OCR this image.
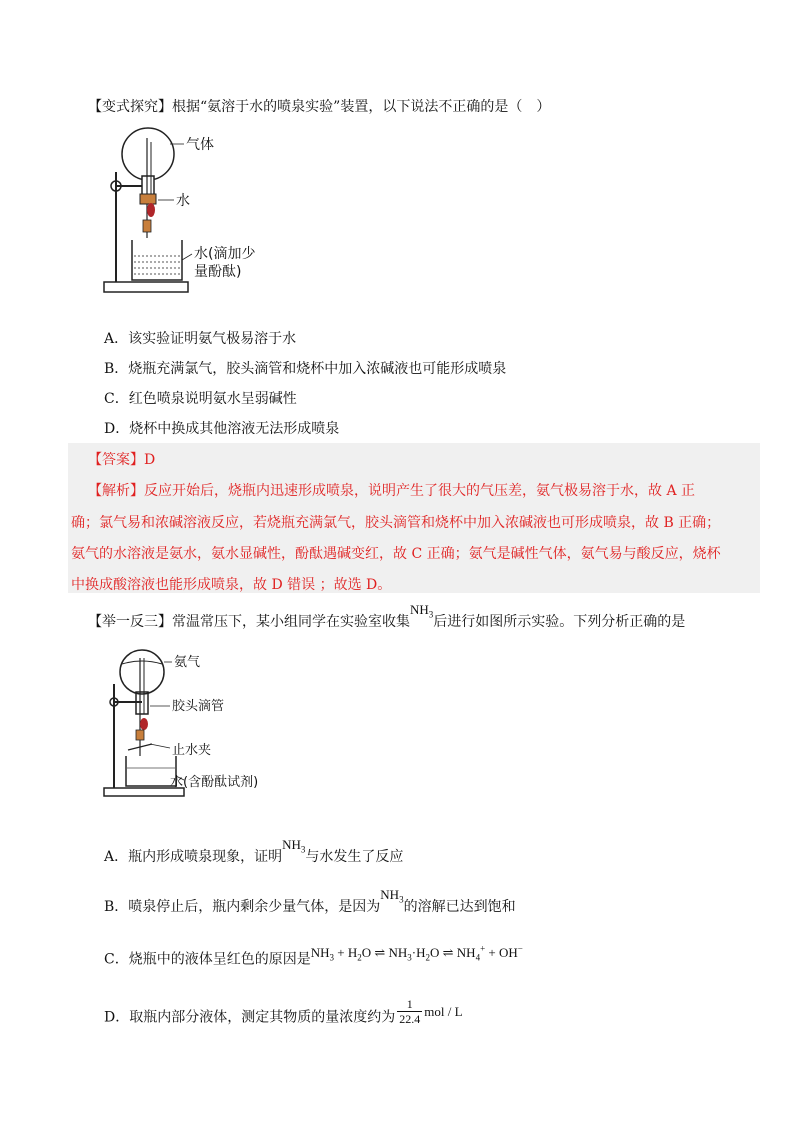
【变式探究】根据“氨溶于水的喷泉实验”装置，以下说法不正确的是（　）
气体
水
水(滴加少
量酚酞)
A．该实验证明氨气极易溶于水
B．烧瓶充满氯气，胶头滴管和烧杯中加入浓碱液也可能形成喷泉
C．红色喷泉说明氨水呈弱碱性
D．烧杯中换成其他溶液无法形成喷泉
【答案】D
【解析】反应开始后，烧瓶内迅速形成喷泉，说明产生了很大的气压差，氨气极易溶于水，故 A 正
确；氯气易和浓碱溶液反应，若烧瓶充满氯气，胶头滴管和烧杯中加入浓碱液也可形成喷泉，故 B 正确；
氨气的水溶液是氨水，氨水显碱性，酚酞遇碱变红，故 C 正确；氨气是碱性气体，氨气易与酸反应，烧杯
中换成酸溶液也能形成喷泉，故 D 错误 ；故选 D。
【举一反三】常温常压下，某小组同学在实验室收集$NH_3$后进行如图所示实验。下列分析正确的是
氨气
胶头滴管
止水夹
水(含酚酞试剂)
A．瓶内形成喷泉现象，证明$NH_3$与水发生了反应
B．喷泉停止后，瓶内剩余少量气体，是因为$NH_3$的溶解已达到饱和
C．烧瓶中的液体呈红色的原因是$NH_3 + H_2O$ ⇌ $NH_3\cdot H_2O$ ⇌ $NH_4^+ + OH^-$
D．取瓶内部分液体，测定其物质的量浓度约为 $\frac{1}{22.4}$ mol / L
